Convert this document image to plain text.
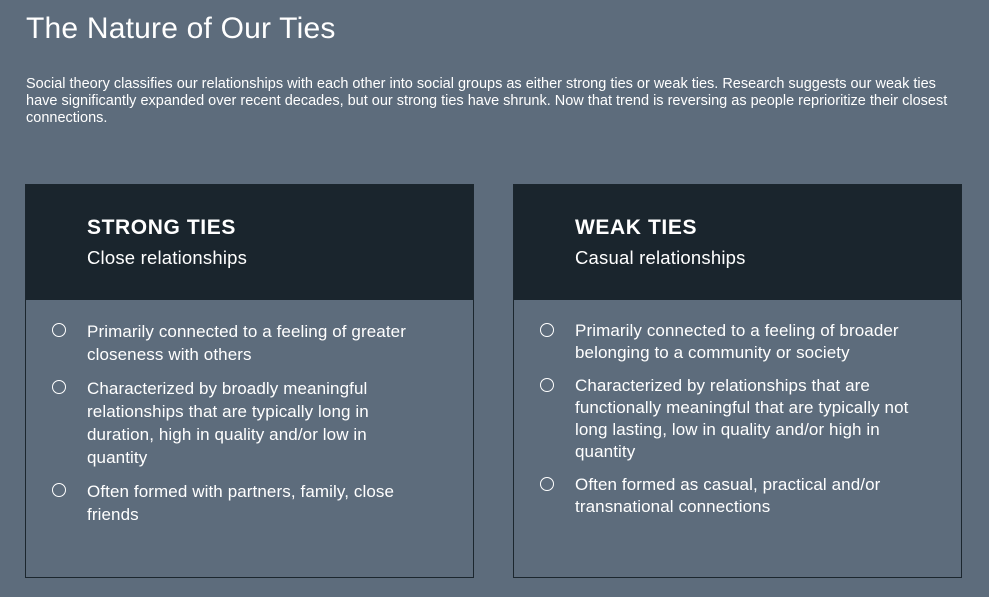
The Nature of Our Ties

Social theory classifies our relationships with each other into social groups as either strong ties or weak ties. Research suggests our weak ties have significantly expanded over recent decades, but our strong ties have shrunk. Now that trend is reversing as people reprioritize their closest connections.

STRONG TIES
Close relationships
Primarily connected to a feeling of greater closeness with others
Characterized by broadly meaningful relationships that are typically long in duration, high in quality and/or low in quantity
Often formed with partners, family, close friends
WEAK TIES
Casual relationships
Primarily connected to a feeling of broader belonging to a community or society
Characterized by relationships that are functionally meaningful that are typically not long lasting, low in quality and/or high in quantity
Often formed as casual, practical and/or transnational connections
